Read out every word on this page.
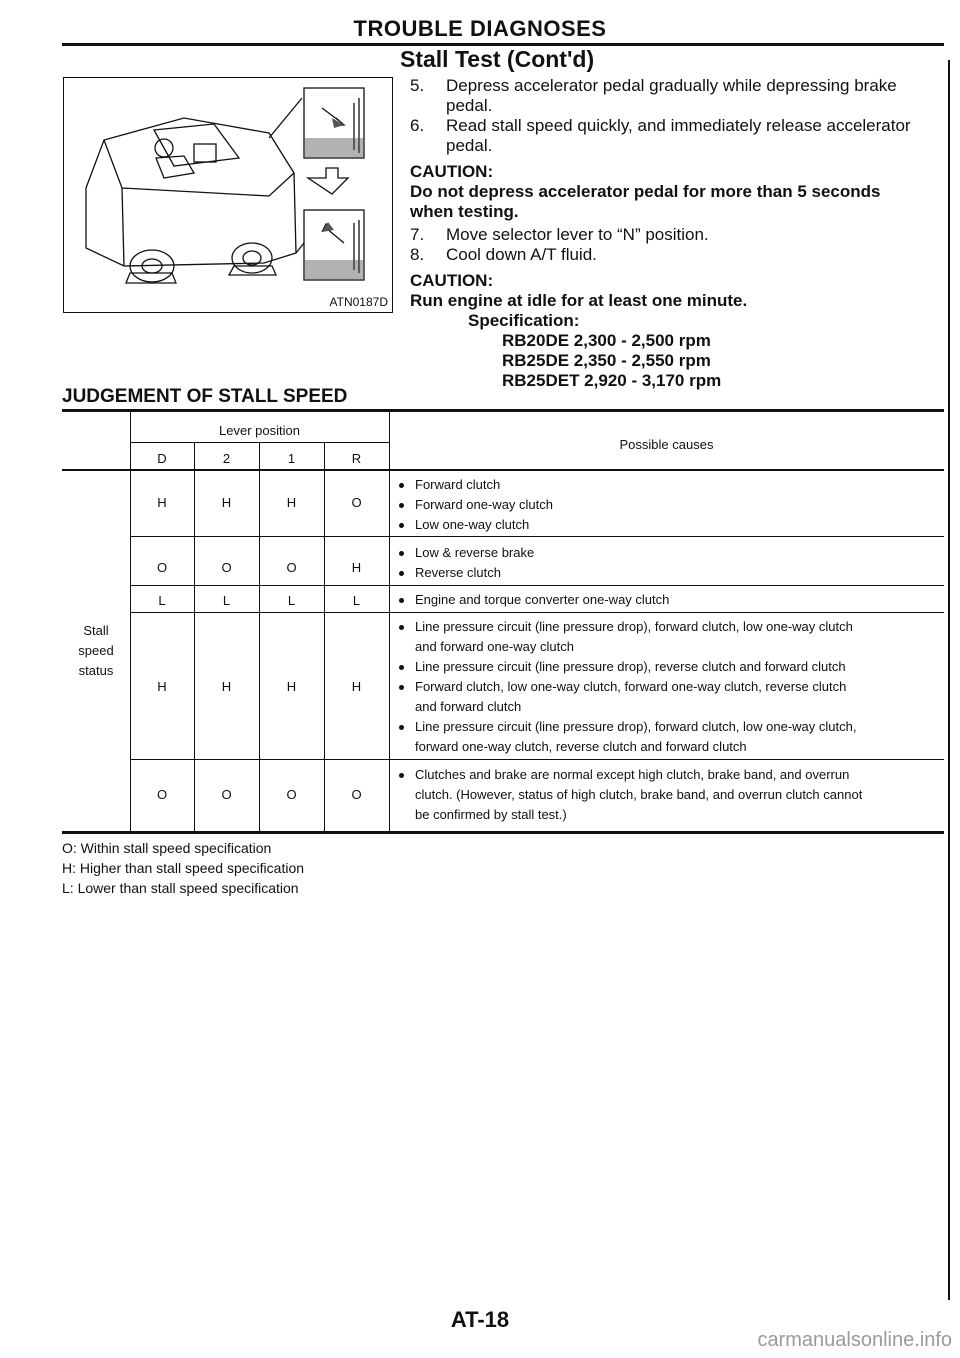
TROUBLE DIAGNOSES
Stall Test (Cont'd)
ATN0187D
5. Depress accelerator pedal gradually while depressing brake
pedal.
6. Read stall speed quickly, and immediately release accelerator
pedal.
CAUTION:
Do not depress accelerator pedal for more than 5 seconds
when testing.
7. Move selector lever to “N” position.
8. Cool down A/T fluid.
CAUTION:
Run engine at idle for at least one minute.
Specification:
RB20DE 2,300 - 2,500 rpm
RB25DE 2,350 - 2,550 rpm
RB25DET 2,920 - 3,170 rpm
JUDGEMENT OF STALL SPEED
Lever position
Possible causes
D	2	1	R
Stall
speed
status
H	H	H	O
Forward clutch
Forward one-way clutch
Low one-way clutch
O	O	O	H
Low & reverse brake
Reverse clutch
L	L	L	L	Engine and torque converter one-way clutch
H	H	H	H
Line pressure circuit (line pressure drop), forward clutch, low one-way clutch
and forward one-way clutch
Line pressure circuit (line pressure drop), reverse clutch and forward clutch
Forward clutch, low one-way clutch, forward one-way clutch, reverse clutch
and forward clutch
Line pressure circuit (line pressure drop), forward clutch, low one-way clutch,
forward one-way clutch, reverse clutch and forward clutch
O	O	O	O
Clutches and brake are normal except high clutch, brake band, and overrun
clutch. (However, status of high clutch, brake band, and overrun clutch cannot
be confirmed by stall test.)
O: Within stall speed specification
H: Higher than stall speed specification
L: Lower than stall speed specification
AT-18
carmanualsonline.info
